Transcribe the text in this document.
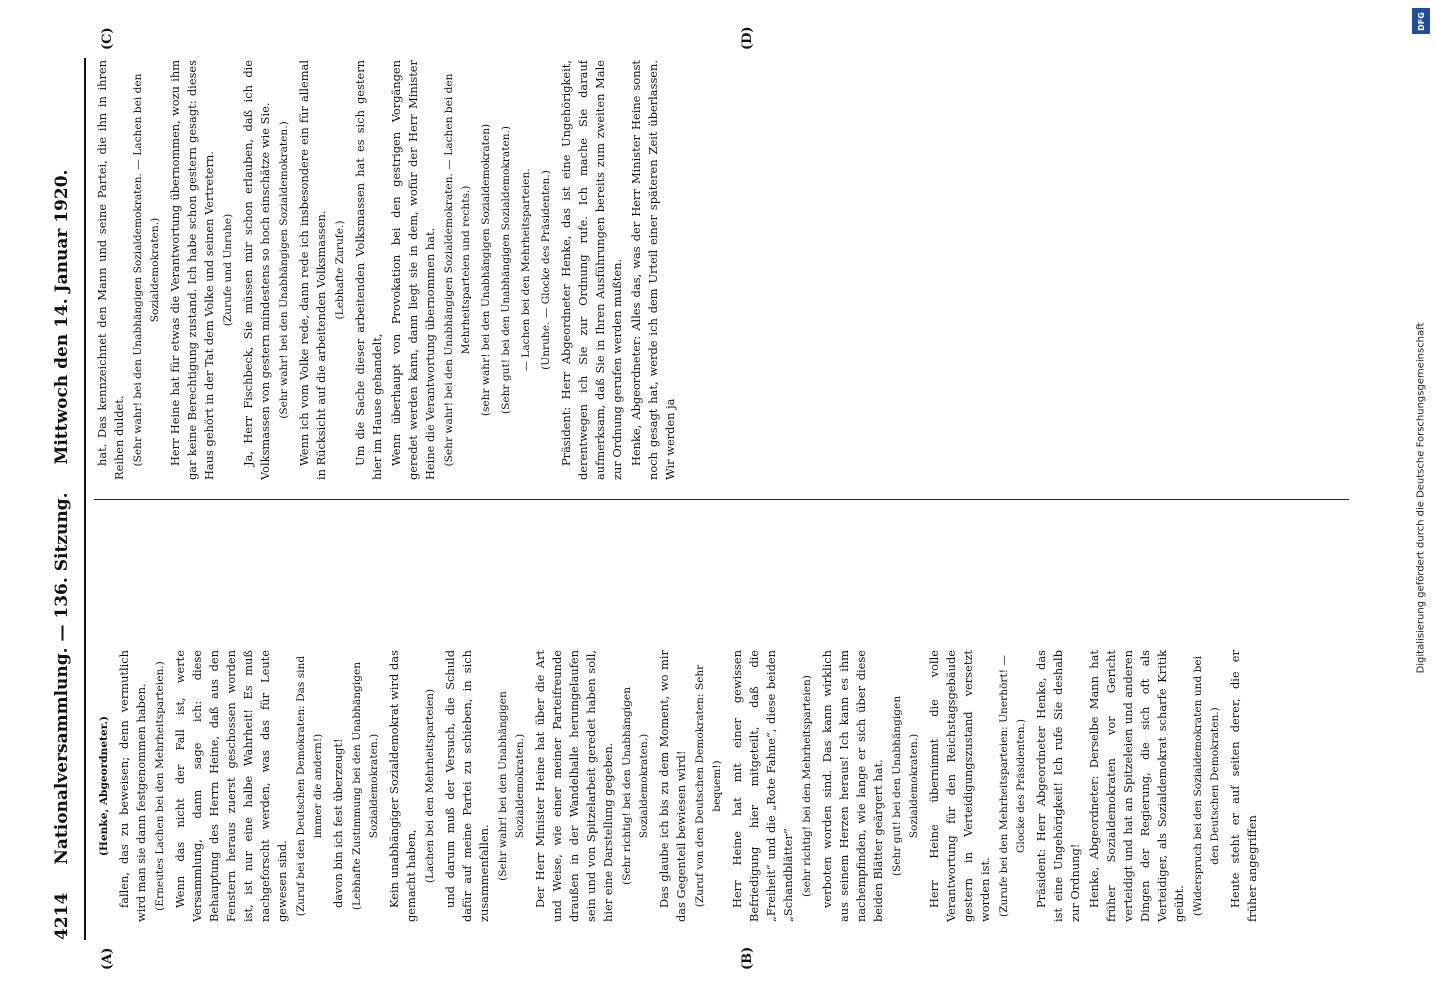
4214
Nationalversammlung. — 136. Sitzung.
Mittwoch den 14. Januar 1920.
(A)	(B)
(C)	(D)

(Henke, Abgeordneter.) fallen, das zu beweisen; denn vermutlich wird man sie dann festgenommen haben. (Erneutes Lachen bei den Mehrheitsparteien.) Wenn das nicht der Fall ist, werte Versammlung, dann sage ich: diese Behauptung des Herrn Heine, daß aus den Fenstern heraus zuerst geschossen worden ist, ist nur eine halbe Wahrheit! Es muß nachgeforscht werden, was das für Leute gewesen sind. (Zuruf bei den Deutschen Demokraten: Das sind immer die andern!) davon bin ich fest überzeugt! (Lebhafte Zustimmung bei den Unabhängigen Sozialdemokraten.) Kein unabhängiger Sozialdemokrat wird das gemacht haben, (Lachen bei den Mehrheitsparteien) und darum muß der Versuch, die Schuld dafür auf meine Partei zu schieben, in sich zusammenfallen. (Sehr wahr! bei den Unabhängigen Sozialdemokraten.) Der Herr Minister Heine hat über die Art und Weise, wie einer meiner Parteifreunde draußen in der Wandelhalle herumgelaufen sein und von Spitzelarbeit geredet haben soll, hier eine Darstellung gegeben. (Sehr richtig! bei den Unabhängigen Sozialdemokraten.) Das glaube ich bis zu dem Moment, wo mir das Gegenteil bewiesen wird! (Zuruf von den Deutschen Demokraten: Sehr bequem!) Herr Heine hat mit einer gewissen Befriedigung hier mitgeteilt, daß die „Freiheit“ und die „Rote Fahne“, diese beiden „Schandblätter“ (sehr richtig! bei den Mehrheitsparteien) verboten worden sind. Das kann wirklich aus seinem Herzen heraus! Ich kann es ihm nachempfinden, wie lange er sich über diese beiden Blätter geärgert hat. (Sehr gut! bei den Unabhängigen Sozialdemokraten.) Herr Heine übernimmt die volle Verantwortung für den Reichstagsgebäude gestern in Verteidigungszustand versetzt worden ist. (Zurufe bei den Mehrheitsparteien: Unerhört! — Glocke des Präsidenten.) Präsident: Herr Abgeordneter Henke, das ist eine Ungehörigkeit! Ich rufe Sie deshalb zur Ordnung! Henke, Abgeordneter: Derselbe Mann hat früher Sozialdemokraten vor Gericht verteidigt und hat an Spitzeleien und anderen Dingen der Regierung, die sich oft als Verteidiger, als Sozialdemokrat scharfe Kritik geübt. (Widerspruch bei den Sozialdemokraten und bei den Deutschen Demokraten.) Heute steht er auf seiten derer, die er früher angegriffen

hat. Das kennzeichnet den Mann und seine Partei, die ihn in ihren Reihen duldet. (Sehr wahr! bei den Unabhängigen Sozialdemokraten. — Lachen bei den Sozialdemokraten.) Herr Heine hat für etwas die Verantwortung übernommen, wozu ihm gar keine Berechtigung zustand. Ich habe schon gestern gesagt: dieses Haus gehört in der Tat dem Volke und seinen Vertretern. (Zurufe und Unruhe) Ja, Herr Fischbeck, Sie müssen mir schon erlauben, daß ich die Volksmassen von gestern mindestens so hoch einschätze wie Sie. (Sehr wahr! bei den Unabhängigen Sozialdemokraten.) Wenn ich vom Volke rede, dann rede ich insbesondere ein für allemal in Rücksicht auf die arbeitenden Volksmassen. (Lebhafte Zurufe.) Um die Sache dieser arbeitenden Volksmassen hat es sich gestern hier im Hause gehandelt, Wenn überhaupt von Provokation bei den gestrigen Vorgängen geredet werden kann, dann liegt sie in dem, wofür der Herr Minister Heine die Verantwortung übernommen hat. (Sehr wahr! bei den Unabhängigen Sozialdemokraten. — Lachen bei den Mehrheitsparteien und rechts.) (sehr wahr! bei den Unabhängigen Sozialdemokraten) (Sehr gut! bei den Unabhängigen Sozialdemokraten.) — Lachen bei den Mehrheitsparteien. (Unruhe. — Glocke des Präsidenten.) Präsident: Herr Abgeordneter Henke, das ist eine Ungehörigkeit, derentwegen ich Sie zur Ordnung rufe. Ich mache Sie darauf aufmerksam, daß Sie in Ihren Ausführungen bereits zum zweiten Male zur Ordnung gerufen werden mußten. Henke, Abgeordneter: Alles das, was der Herr Minister Heine sonst noch gesagt hat, werde ich dem Urteil einer späteren Zeit überlassen. Wir werden ja	Digitalisierung gefördert durch die Deutsche Forschungsgemeinschaft
DFG
